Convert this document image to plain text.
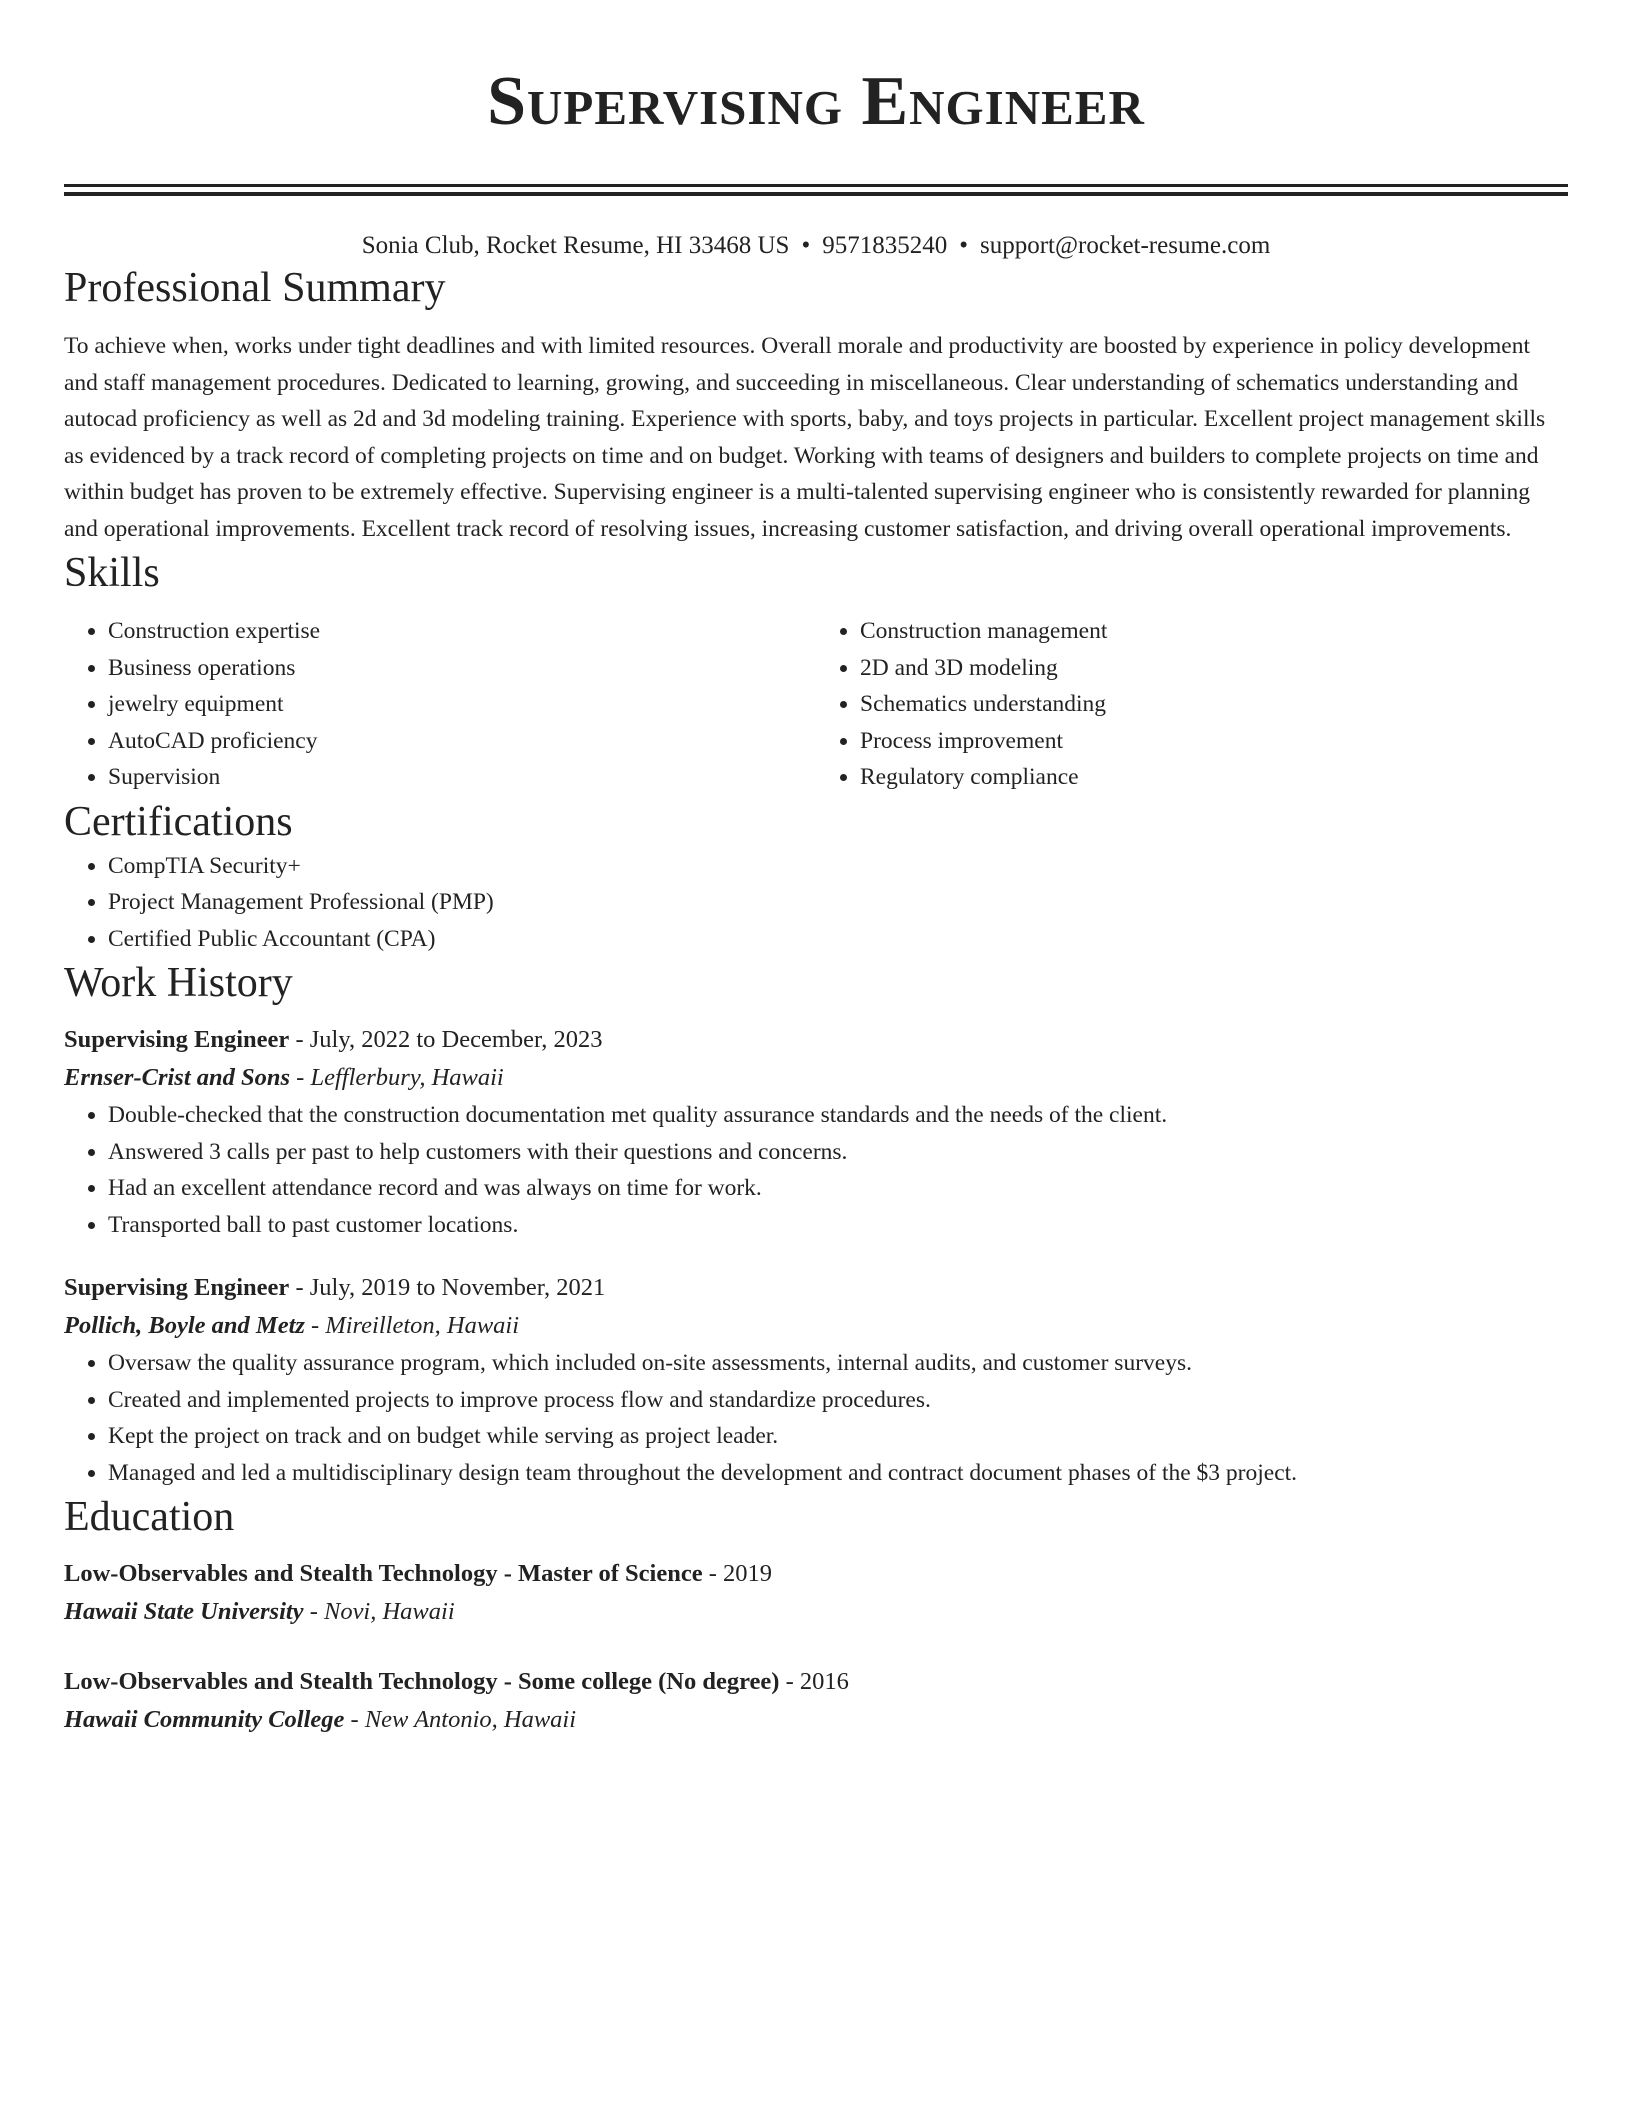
Supervising Engineer
Sonia Club, Rocket Resume, HI 33468 US • 9571835240 • support@rocket-resume.com
Professional Summary
To achieve when, works under tight deadlines and with limited resources. Overall morale and productivity are boosted by experience in policy development and staff management procedures. Dedicated to learning, growing, and succeeding in miscellaneous. Clear understanding of schematics understanding and autocad proficiency as well as 2d and 3d modeling training. Experience with sports, baby, and toys projects in particular. Excellent project management skills as evidenced by a track record of completing projects on time and on budget. Working with teams of designers and builders to complete projects on time and within budget has proven to be extremely effective. Supervising engineer is a multi-talented supervising engineer who is consistently rewarded for planning and operational improvements. Excellent track record of resolving issues, increasing customer satisfaction, and driving overall operational improvements.
Skills
• Construction expertise
• Business operations
• jewelry equipment
• AutoCAD proficiency
• Supervision
• Construction management
• 2D and 3D modeling
• Schematics understanding
• Process improvement
• Regulatory compliance
Certifications
• CompTIA Security+
• Project Management Professional (PMP)
• Certified Public Accountant (CPA)
Work History
Supervising Engineer - July, 2022 to December, 2023
Ernser-Crist and Sons - Lefflerbury, Hawaii
• Double-checked that the construction documentation met quality assurance standards and the needs of the client.
• Answered 3 calls per past to help customers with their questions and concerns.
• Had an excellent attendance record and was always on time for work.
• Transported ball to past customer locations.
Supervising Engineer - July, 2019 to November, 2021
Pollich, Boyle and Metz - Mireilleton, Hawaii
• Oversaw the quality assurance program, which included on-site assessments, internal audits, and customer surveys.
• Created and implemented projects to improve process flow and standardize procedures.
• Kept the project on track and on budget while serving as project leader.
• Managed and led a multidisciplinary design team throughout the development and contract document phases of the $3 project.
Education
Low-Observables and Stealth Technology - Master of Science - 2019
Hawaii State University - Novi, Hawaii
Low-Observables and Stealth Technology - Some college (No degree) - 2016
Hawaii Community College - New Antonio, Hawaii
